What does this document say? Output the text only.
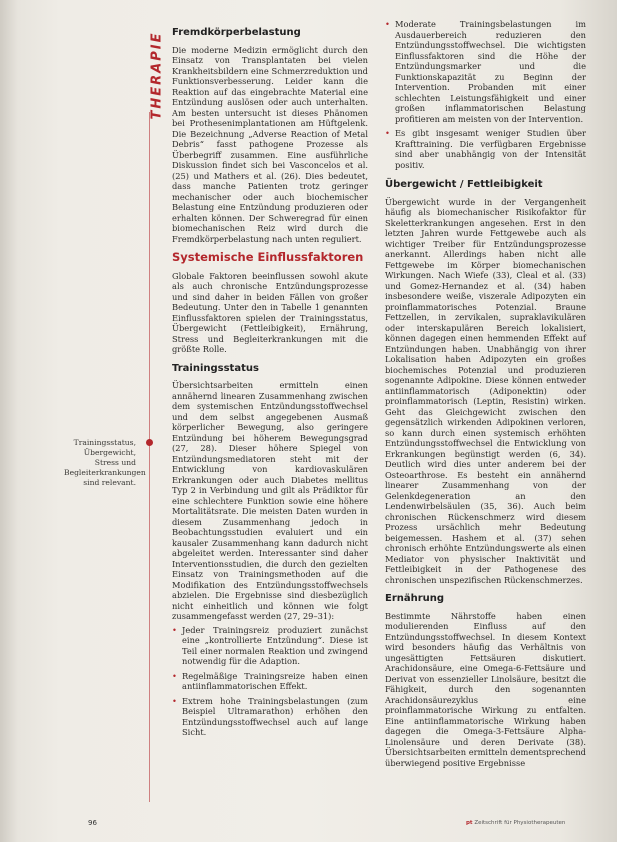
THERAPIE Fremdkörperbelastung

Die moderne Medizin ermöglicht durch den Einsatz von Transplantaten bei vielen Krankheitsbildern eine Schmerzreduktion und Funktionsverbesserung. Leider kann die Reaktion auf das eingebrachte Material eine Entzündung auslösen oder auch unterhalten. Am besten untersucht ist dieses Phänomen bei Prothesenimplantationen am Hüftgelenk. Die Bezeichnung „Adverse Reaction of Metal Debris“ fasst pathogene Prozesse als Überbegriff zusammen. Eine ausführliche Diskussion findet sich bei Vasconcelos et al. (25) und Mathers et al. (26). Dies bedeutet, dass manche Patienten trotz geringer mechanischer oder auch biochemischer Belastung eine Entzündung produzieren oder erhalten können. Der Schweregrad für einen biomechanischen Reiz wird durch die Fremdkörperbelastung nach unten reguliert.

Systemische Einflussfaktoren

Globale Faktoren beeinflussen sowohl akute als auch chronische Entzündungsprozesse und sind daher in beiden Fällen von großer Bedeutung. Unter den in Tabelle 1 genannten Einflussfaktoren spielen der Trainingsstatus, Übergewicht (Fettleibigkeit), Ernährung, Stress und Begleiterkrankungen mit die größte Rolle.

Trainingsstatus

Übersichtsarbeiten ermitteln einen annähernd linearen Zusammenhang zwischen dem systemischen Entzündungsstoffwechsel und dem selbst angegebenen Ausmaß körperlicher Bewegung, also geringere Entzündung bei höherem Bewegungsgrad (27, 28). Dieser höhere Spiegel von Entzündungsmediatoren steht mit der Entwicklung von kardiovaskulären Erkrankungen oder auch Diabetes mellitus Typ 2 in Verbindung und gilt als Prädiktor für eine schlechtere Funktion sowie eine höhere Mortalitätsrate. Die meisten Daten wurden in diesem Zusammenhang jedoch in Beobachtungsstudien evaluiert und ein kausaler Zusammenhang kann dadurch nicht abgeleitet werden. Interessanter sind daher Interventionsstudien, die durch den gezielten Einsatz von Trainingsmethoden auf die Modifikation des Entzündungsstoffwechsels abzielen. Die Ergebnisse sind diesbezüglich nicht einheitlich und können wie folgt zusammengefasst werden (27, 29–31):

• Jeder Trainingsreiz produziert zunächst eine „kontrollierte Entzündung“. Diese ist Teil einer normalen Reaktion und zwingend notwendig für die Adaption.
• Regelmäßige Trainingsreize haben einen antiinflammatorischen Effekt.
• Extrem hohe Trainingsbelastungen (zum Beispiel Ultramarathon) erhöhen den Entzündungsstoffwechsel auch auf lange Sicht.
• Moderate Trainingsbelastungen im Ausdauerbereich reduzieren den Entzündungsstoffwechsel. Die wichtigsten Einflussfaktoren sind die Höhe der Entzündungsmarker und die Funktionskapazität zu Beginn der Intervention. Probanden mit einer schlechten Leistungsfähigkeit und einer großen inflammatorischen Belastung profitieren am meisten von der Intervention.
• Es gibt insgesamt weniger Studien über Krafttraining. Die verfügbaren Ergebnisse sind aber unabhängig von der Intensität positiv.
Übergewicht / Fettleibigkeit

Übergewicht wurde in der Vergangenheit häufig als biomechanischer Risikofaktor für Skeletterkrankungen angesehen. Erst in den letzten Jahren wurde Fettgewebe auch als wichtiger Treiber für Entzündungsprozesse anerkannt. Allerdings haben nicht alle Fettgewebe im Körper biomechanischen Wirkungen. Nach Wiefe (33), Cleal et al. (33) und Gomez-Hernandez et al. (34) haben insbesondere weiße, viszerale Adipozyten ein proinflammatorisches Potenzial. Braune Fettzellen, in zervikalen, supraklavikulären oder interskapulären Bereich lokalisiert, können dagegen einen hemmenden Effekt auf Entzündungen haben. Unabhängig von ihrer Lokalisation haben Adipozyten ein großes biochemisches Potenzial und produzieren sogenannte Adipokine. Diese können entweder antiinflammatorisch (Adiponektin) oder proinflammatorisch (Leptin, Resistin) wirken. Geht das Gleichgewicht zwischen den gegensätzlich wirkenden Adipokinen verloren, so kann durch einen systemisch erhöhten Entzündungsstoffwechsel die Entwicklung von Erkrankungen begünstigt werden (6, 34). Deutlich wird dies unter anderem bei der Osteoarthrose. Es besteht ein annähernd linearer Zusammenhang von der Gelenkdegeneration an den Lendenwirbelsäulen (35, 36). Auch beim chronischen Rückenschmerz wird diesem Prozess ursächlich mehr Bedeutung beigemessen. Hashem et al. (37) sehen chronisch erhöhte Entzündungswerte als einen Mediator von physischer Inaktivität und Fettleibigkeit in der Pathogenese des chronischen unspezifischen Rückenschmerzes.

Ernährung

Bestimmte Nährstoffe haben einen modulierenden Einfluss auf den Entzündungsstoffwechsel. In diesem Kontext wird besonders häufig das Verhältnis von ungesättigten Fettsäuren diskutiert. Arachidonsäure, eine Omega-6-Fettsäure und Derivat von essenzieller Linolsäure, besitzt die Fähigkeit, durch den sogenannten Arachidonsäurezyklus eine proinflammatorische Wirkung zu entfalten. Eine antiinflammatorische Wirkung haben dagegen die Omega-3-Fettsäure Alpha-Linolensäure und deren Derivate (38). Übersichtsarbeiten ermitteln dementsprechend überwiegend positive Ergebnisse

Trainingsstatus, Übergewicht, Stress und Begleiterkrankungen sind relevant.
96	pt Zeitschrift für Physiotherapeuten
